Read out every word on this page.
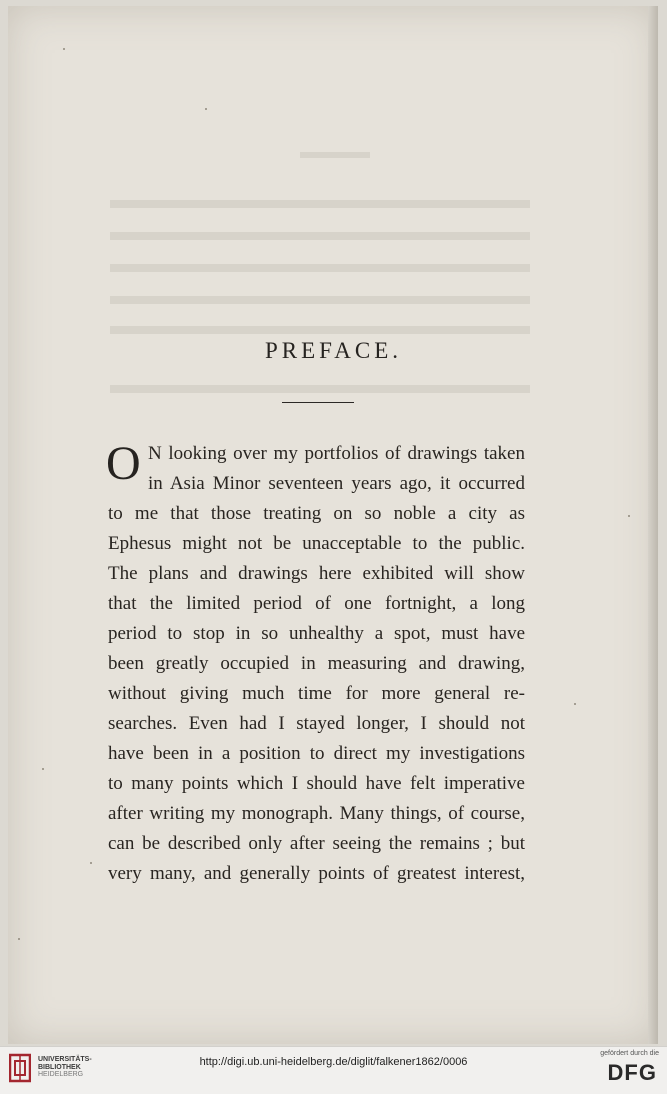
PREFACE.
O N looking over my portfolios of drawings taken
in Asia Minor seventeen years ago, it occurred
to me that those treating on so noble a city as
Ephesus might not be unacceptable to the public.
The plans and drawings here exhibited will show
that the limited period of one fortnight, a long
period to stop in so unhealthy a spot, must have
been greatly occupied in measuring and drawing,
without giving much time for more general re-
searches. Even had I stayed longer, I should not
have been in a position to direct my investigations
to many points which I should have felt imperative
after writing my monograph. Many things, of course,
can be described only after seeing the remains ; but
very many, and generally points of greatest interest,
UNIVERSITÄTS-
BIBLIOTHEK
HEIDELBERG
http://digi.ub.uni-heidelberg.de/diglit/falkener1862/0006
gefördert durch die
DFG
